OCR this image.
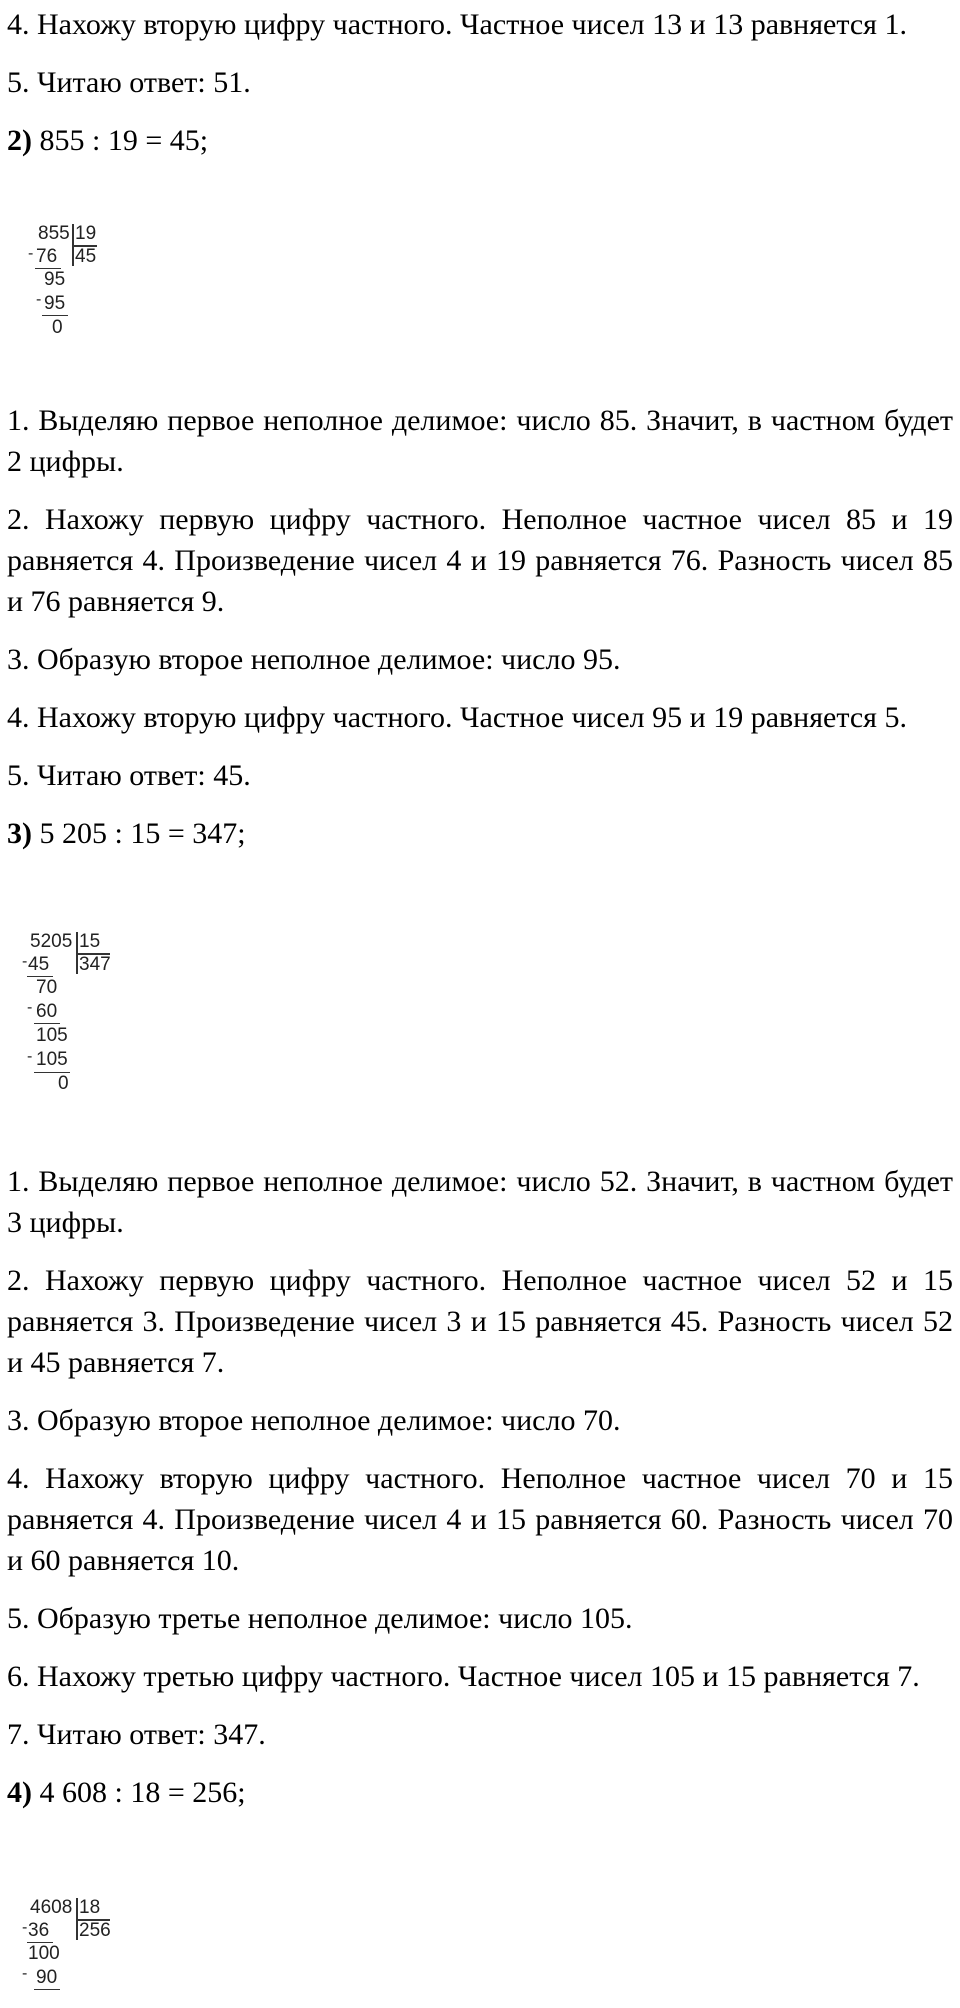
4. Нахожу вторую цифру частного. Частное чисел 13 и 13 равняется 1.

5. Читаю ответ: 51.

2) 855 : 19 = 45;

855 19
- 76 45
95
- 95
0

1. Выделяю первое неполное делимое: число 85. Значит, в частном будет 2 цифры.

2. Нахожу первую цифру частного. Неполное частное чисел 85 и 19 равняется 4. Произведение чисел 4 и 19 равняется 76. Разность чисел 85 и 76 равняется 9.

3. Образую второе неполное делимое: число 95.

4. Нахожу вторую цифру частного. Частное чисел 95 и 19 равняется 5.

5. Читаю ответ: 45.

3) 5 205 : 15 = 347;

5205 15
- 45 347
70
- 60
105
- 105
0

1. Выделяю первое неполное делимое: число 52. Значит, в частном будет 3 цифры.

2. Нахожу первую цифру частного. Неполное частное чисел 52 и 15 равняется 3. Произведение чисел 3 и 15 равняется 45. Разность чисел 52 и 45 равняется 7.

3. Образую второе неполное делимое: число 70.

4. Нахожу вторую цифру частного. Неполное частное чисел 70 и 15 равняется 4. Произведение чисел 4 и 15 равняется 60. Разность чисел 70 и 60 равняется 10.

5. Образую третье неполное делимое: число 105.

6. Нахожу третью цифру частного. Частное чисел 105 и 15 равняется 7.

7. Читаю ответ: 347.

4) 4 608 : 18 = 256;

4608 18
- 36 256
100
- 90
